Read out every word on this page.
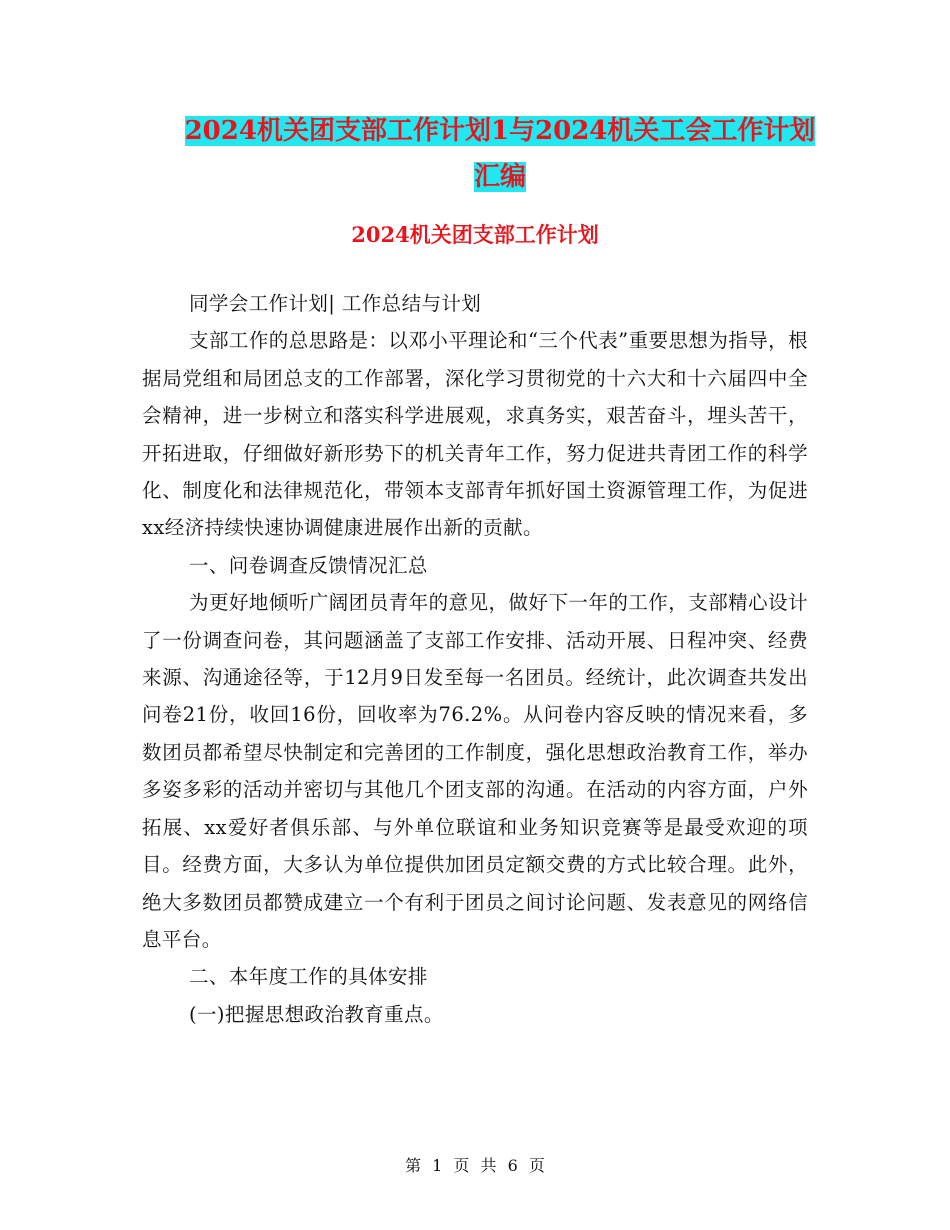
2024机关团支部工作计划1与2024机关工会工作计划
汇编
2024机关团支部工作计划

同学会工作计划| 工作总结与计划

支部工作的总思路是：以邓小平理论和“三个代表”重要思想为指导，根据局党组和局团总支的工作部署，深化学习贯彻党的十六大和十六届四中全会精神，进一步树立和落实科学进展观，求真务实，艰苦奋斗，埋头苦干，开拓进取，仔细做好新形势下的机关青年工作，努力促进共青团工作的科学化、制度化和法律规范化，带领本支部青年抓好国土资源管理工作，为促进xx经济持续快速协调健康进展作出新的贡献。

一、问卷调查反馈情况汇总

为更好地倾听广阔团员青年的意见，做好下一年的工作，支部精心设计了一份调查问卷，其问题涵盖了支部工作安排、活动开展、日程冲突、经费来源、沟通途径等，于12月9日发至每一名团员。经统计，此次调查共发出问卷21份，收回16份，回收率为76.2%。从问卷内容反映的情况来看，多数团员都希望尽快制定和完善团的工作制度，强化思想政治教育工作，举办多姿多彩的活动并密切与其他几个团支部的沟通。在活动的内容方面，户外拓展、xx爱好者俱乐部、与外单位联谊和业务知识竞赛等是最受欢迎的项目。经费方面，大多认为单位提供加团员定额交费的方式比较合理。此外，绝大多数团员都赞成建立一个有利于团员之间讨论问题、发表意见的网络信息平台。

二、本年度工作的具体安排

(一)把握思想政治教育重点。

第 1 页 共 6 页
